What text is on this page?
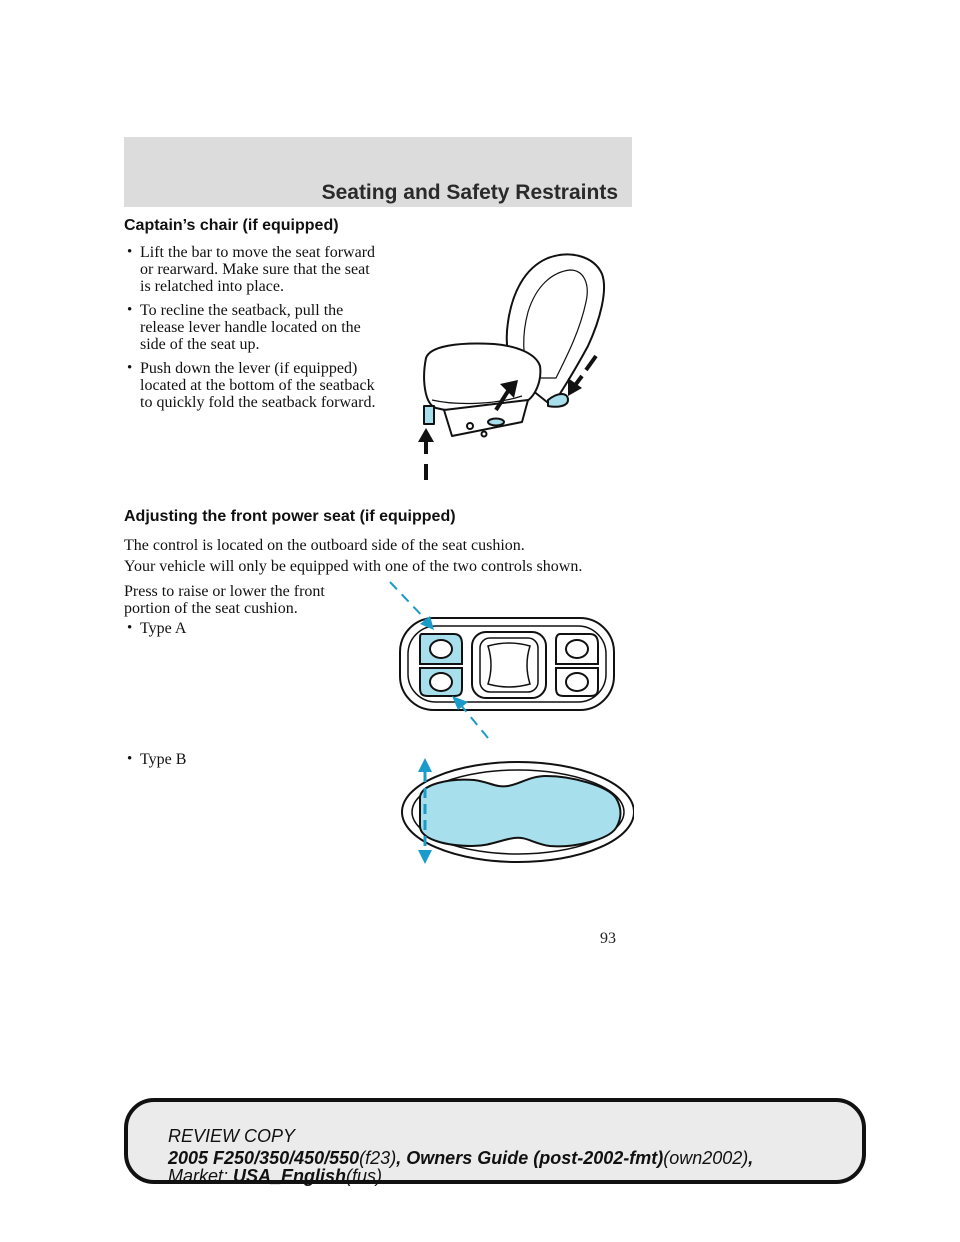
Seating and Safety Restraints
Captain’s chair (if equipped)
• Lift the bar to move the seat forward or rearward. Make sure that the seat is relatched into place.
• To recline the seatback, pull the release lever handle located on the side of the seat up.
• Push down the lever (if equipped) located at the bottom of the seatback to quickly fold the seatback forward.
Adjusting the front power seat (if equipped)

The control is located on the outboard side of the seat cushion.

Your vehicle will only be equipped with one of the two controls shown.

Press to raise or lower the front portion of the seat cushion.

• Type A
• Type B
93
REVIEW COPY
2005 F250/350/450/550(f23), Owners Guide (post-2002-fmt)(own2002),
Market: USA_English(fus)
